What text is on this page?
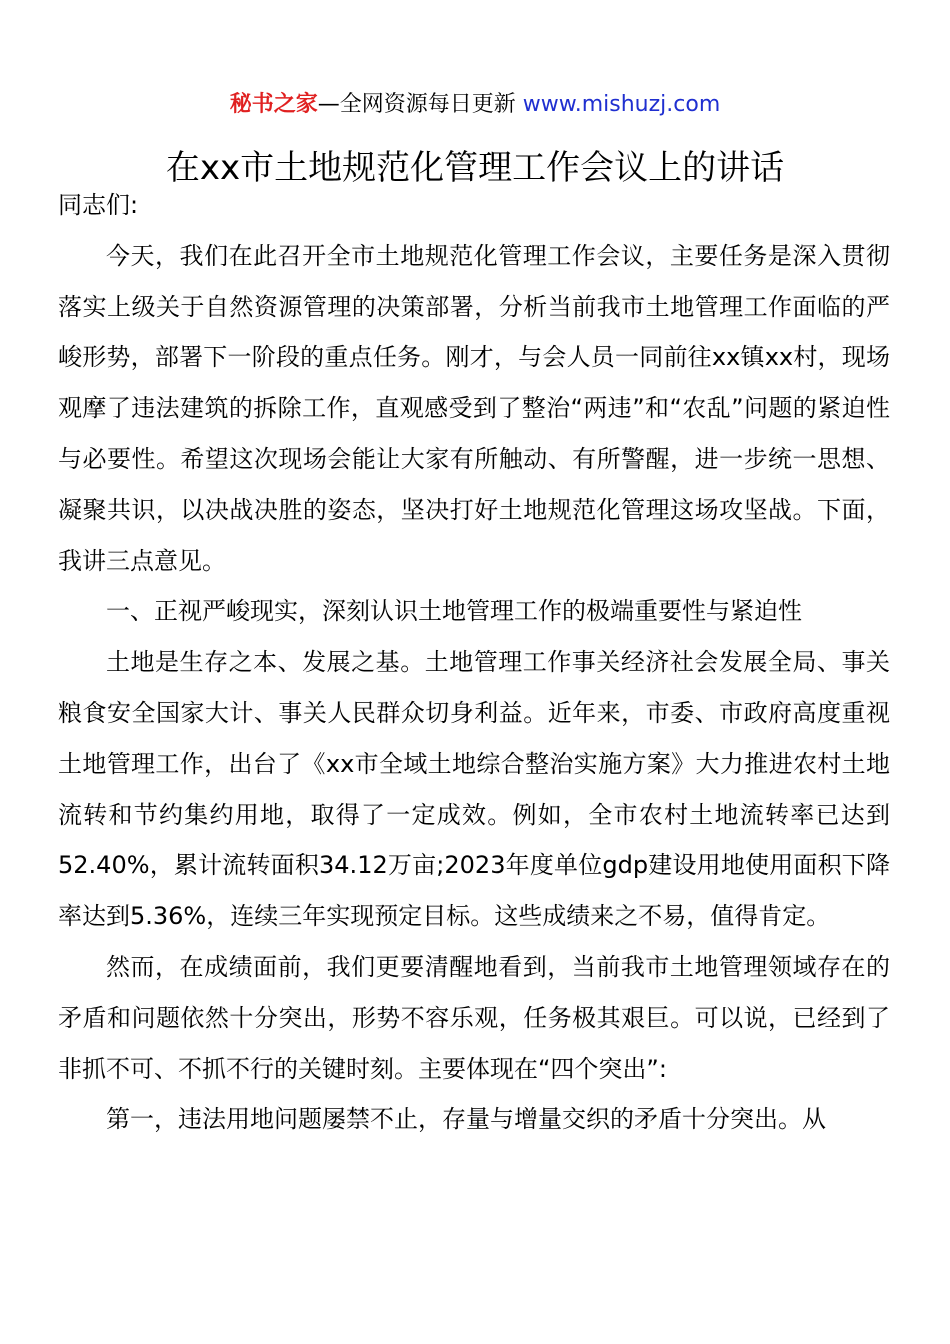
秘书之家—全网资源每日更新 www.mishuzj.com
在xx市土地规范化管理工作会议上的讲话

同志们:

今天，我们在此召开全市土地规范化管理工作会议，主要任务是深入贯彻落实上级关于自然资源管理的决策部署，分析当前我市土地管理工作面临的严峻形势，部署下一阶段的重点任务。刚才，与会人员一同前往xx镇xx村，现场观摩了违法建筑的拆除工作，直观感受到了整治“两违”和“农乱”问题的紧迫性与必要性。希望这次现场会能让大家有所触动、有所警醒，进一步统一思想、凝聚共识，以决战决胜的姿态，坚决打好土地规范化管理这场攻坚战。下面，我讲三点意见。

一、正视严峻现实，深刻认识土地管理工作的极端重要性与紧迫性

土地是生存之本、发展之基。土地管理工作事关经济社会发展全局、事关粮食安全国家大计、事关人民群众切身利益。近年来，市委、市政府高度重视土地管理工作，出台了《xx市全域土地综合整治实施方案》大力推进农村土地流转和节约集约用地，取得了一定成效。例如，全市农村土地流转率已达到52.40%，累计流转面积34.12万亩;2023年度单位gdp建设用地使用面积下降率达到5.36%，连续三年实现预定目标。这些成绩来之不易，值得肯定。

然而，在成绩面前，我们更要清醒地看到，当前我市土地管理领域存在的矛盾和问题依然十分突出，形势不容乐观，任务极其艰巨。可以说，已经到了非抓不可、不抓不行的关键时刻。主要体现在“四个突出”:

第一，违法用地问题屡禁不止，存量与增量交织的矛盾十分突出。从
